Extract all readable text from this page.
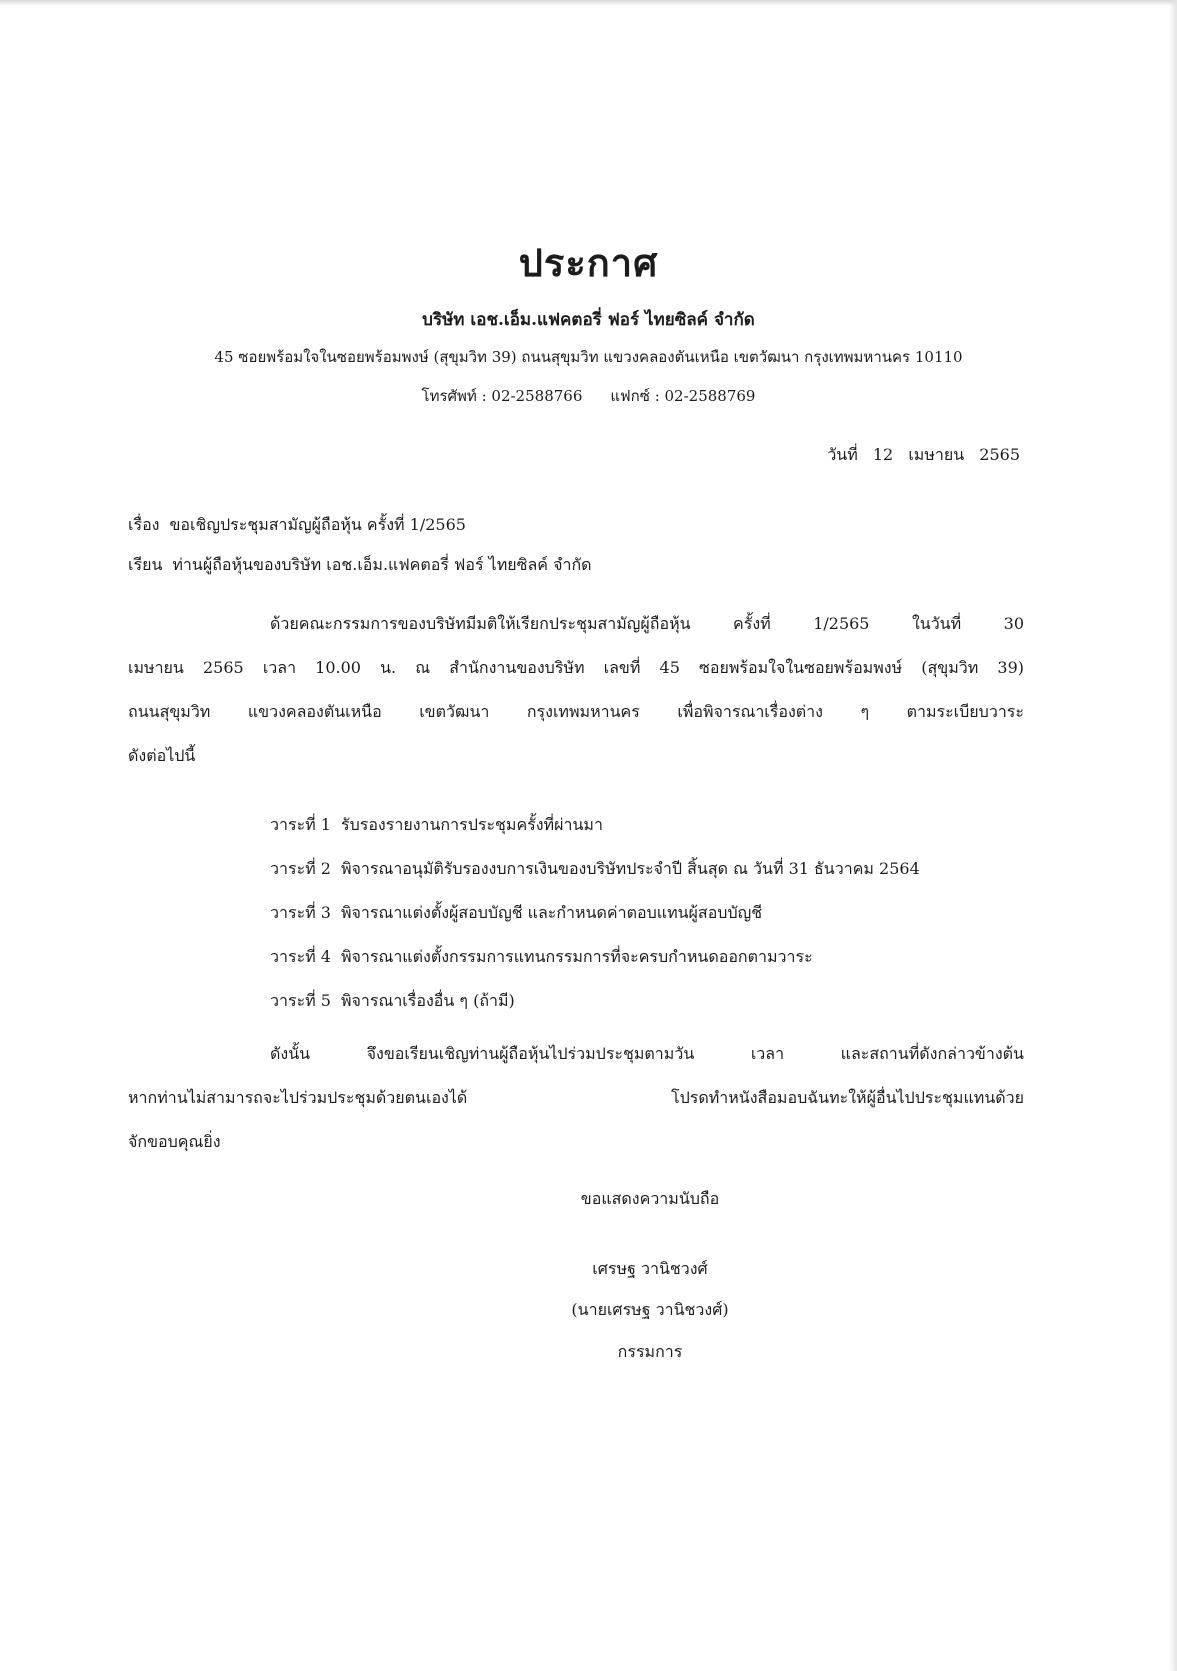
ประกาศ
บริษัท เอช.เอ็ม.แฟคตอรี่ ฟอร์ ไทยซิลค์ จำกัด
45 ซอยพร้อมใจในซอยพร้อมพงษ์ (สุขุมวิท 39) ถนนสุขุมวิท แขวงคลองตันเหนือ เขตวัฒนา กรุงเทพมหานคร 10110
โทรศัพท์ : 02-2588766 แฟกซ์ : 02-2588769
วันที่ 12 เมษายน 2565
เรื่อง ขอเชิญประชุมสามัญผู้ถือหุ้น ครั้งที่ 1/2565
เรียน ท่านผู้ถือหุ้นของบริษัท เอช.เอ็ม.แฟคตอรี่ ฟอร์ ไทยซิลค์ จำกัด

ด้วยคณะกรรมการของบริษัทมีมติให้เรียกประชุมสามัญผู้ถือหุ้น ครั้งที่ 1/2565 ในวันที่ 30

เมษายน 2565 เวลา 10.00 น. ณ สำนักงานของบริษัท เลขที่ 45 ซอยพร้อมใจในซอยพร้อมพงษ์ (สุขุมวิท 39)

ถนนสุขุมวิท แขวงคลองตันเหนือ เขตวัฒนา กรุงเทพมหานคร เพื่อพิจารณาเรื่องต่าง ๆ ตามระเบียบวาระ

ดังต่อไปนี้

วาระที่ 1 รับรองรายงานการประชุมครั้งที่ผ่านมา
วาระที่ 2 พิจารณาอนุมัติรับรองงบการเงินของบริษัทประจำปี สิ้นสุด ณ วันที่ 31 ธันวาคม 2564
วาระที่ 3 พิจารณาแต่งตั้งผู้สอบบัญชี และกำหนดค่าตอบแทนผู้สอบบัญชี
วาระที่ 4 พิจารณาแต่งตั้งกรรมการแทนกรรมการที่จะครบกำหนดออกตามวาระ
วาระที่ 5 พิจารณาเรื่องอื่น ๆ (ถ้ามี)

ดังนั้น จึงขอเรียนเชิญท่านผู้ถือหุ้นไปร่วมประชุมตามวัน เวลา และสถานที่ดังกล่าวข้างต้น

หากท่านไม่สามารถจะไปร่วมประชุมด้วยตนเองได้ โปรดทำหนังสือมอบฉันทะให้ผู้อื่นไปประชุมแทนด้วย

จักขอบคุณยิ่ง

ขอแสดงความนับถือ
เศรษฐ วานิชวงศ์
(นายเศรษฐ วานิชวงศ์)
กรรมการ
